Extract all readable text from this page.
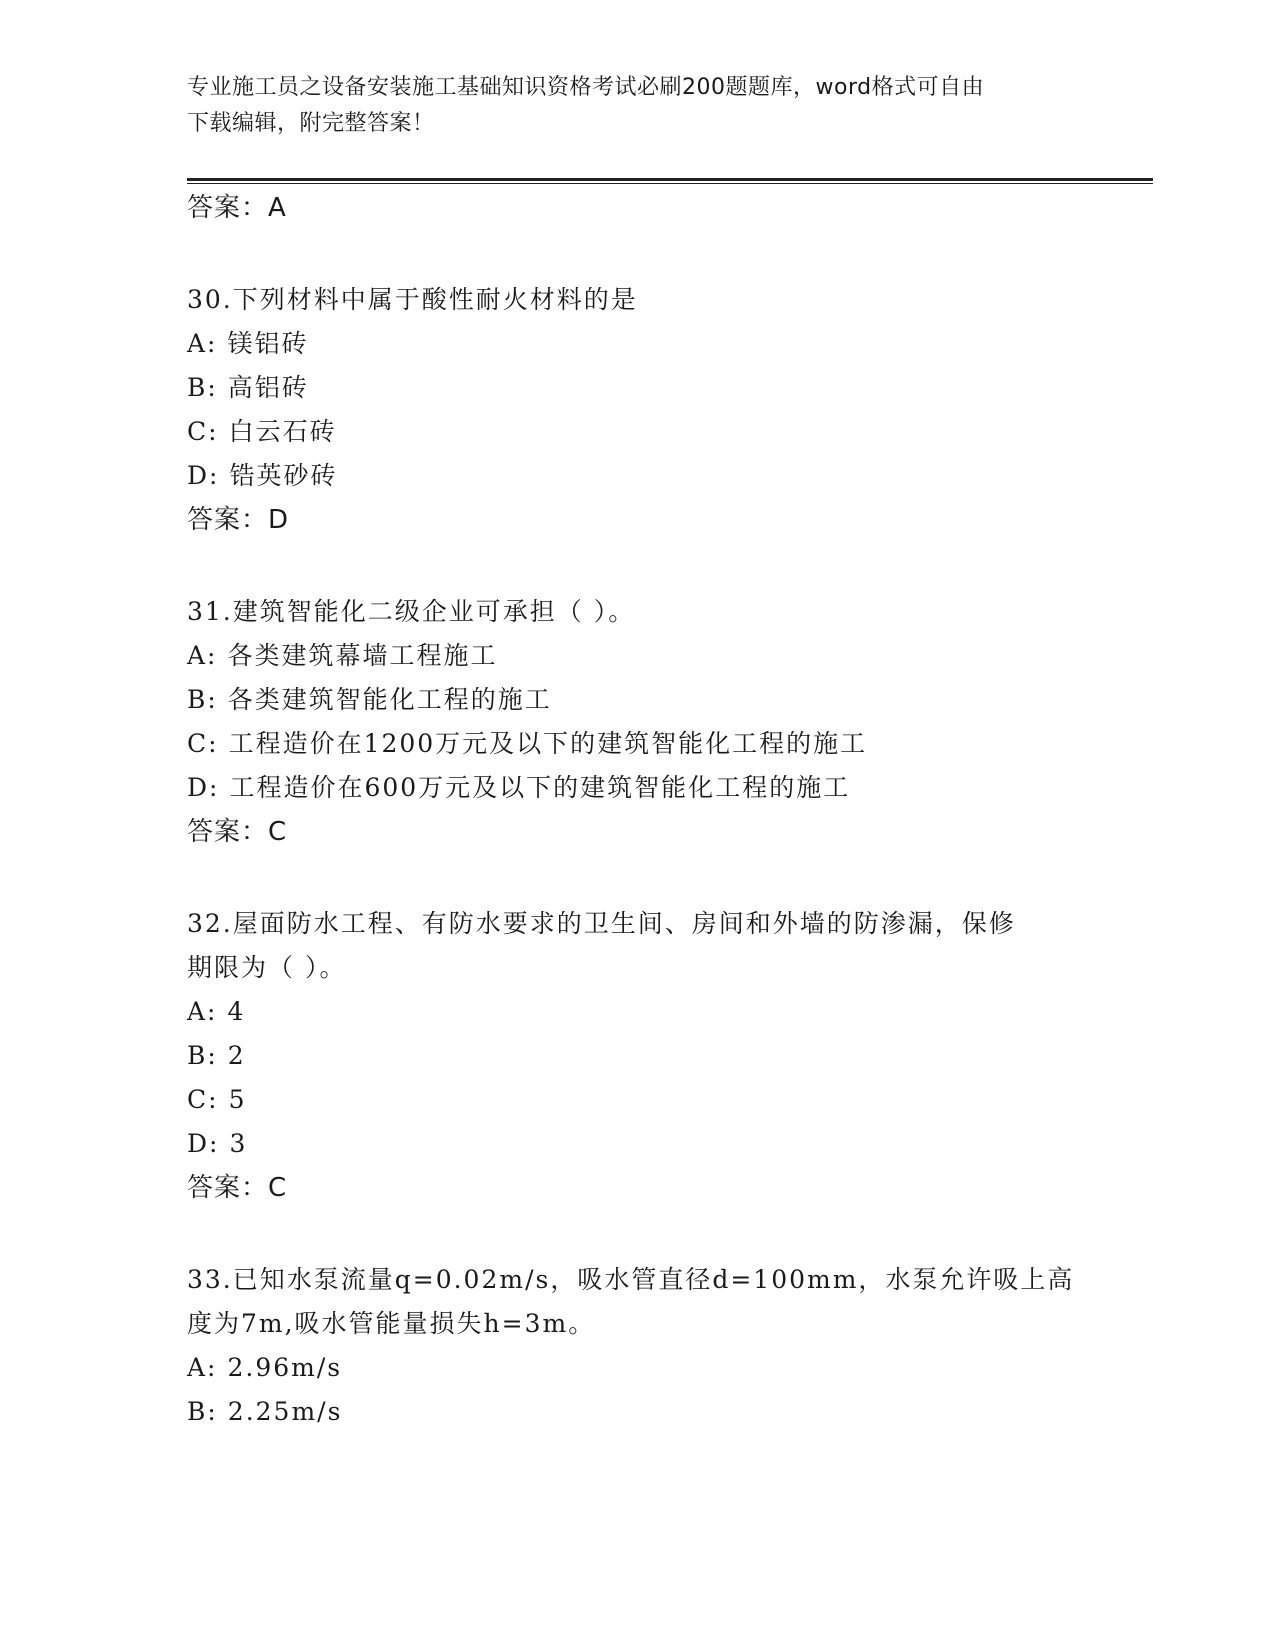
专业施工员之设备安装施工基础知识资格考试必刷200题题库，word格式可自由
下载编辑，附完整答案！
答案：A
30.下列材料中属于酸性耐火材料的是
A: 镁铝砖
B: 高铝砖
C: 白云石砖
D: 锆英砂砖
答案：D
31.建筑智能化二级企业可承担（ ）。
A: 各类建筑幕墙工程施工
B: 各类建筑智能化工程的施工
C: 工程造价在1200万元及以下的建筑智能化工程的施工
D: 工程造价在600万元及以下的建筑智能化工程的施工
答案：C
32.屋面防水工程、有防水要求的卫生间、房间和外墙的防渗漏，保修
期限为（ ）。
A: 4
B: 2
C: 5
D: 3
答案：C
33.已知水泵流量q=0.02m/s，吸水管直径d=100mm，水泵允许吸上高
度为7m,吸水管能量损失h=3m。
A: 2.96m/s
B: 2.25m/s
